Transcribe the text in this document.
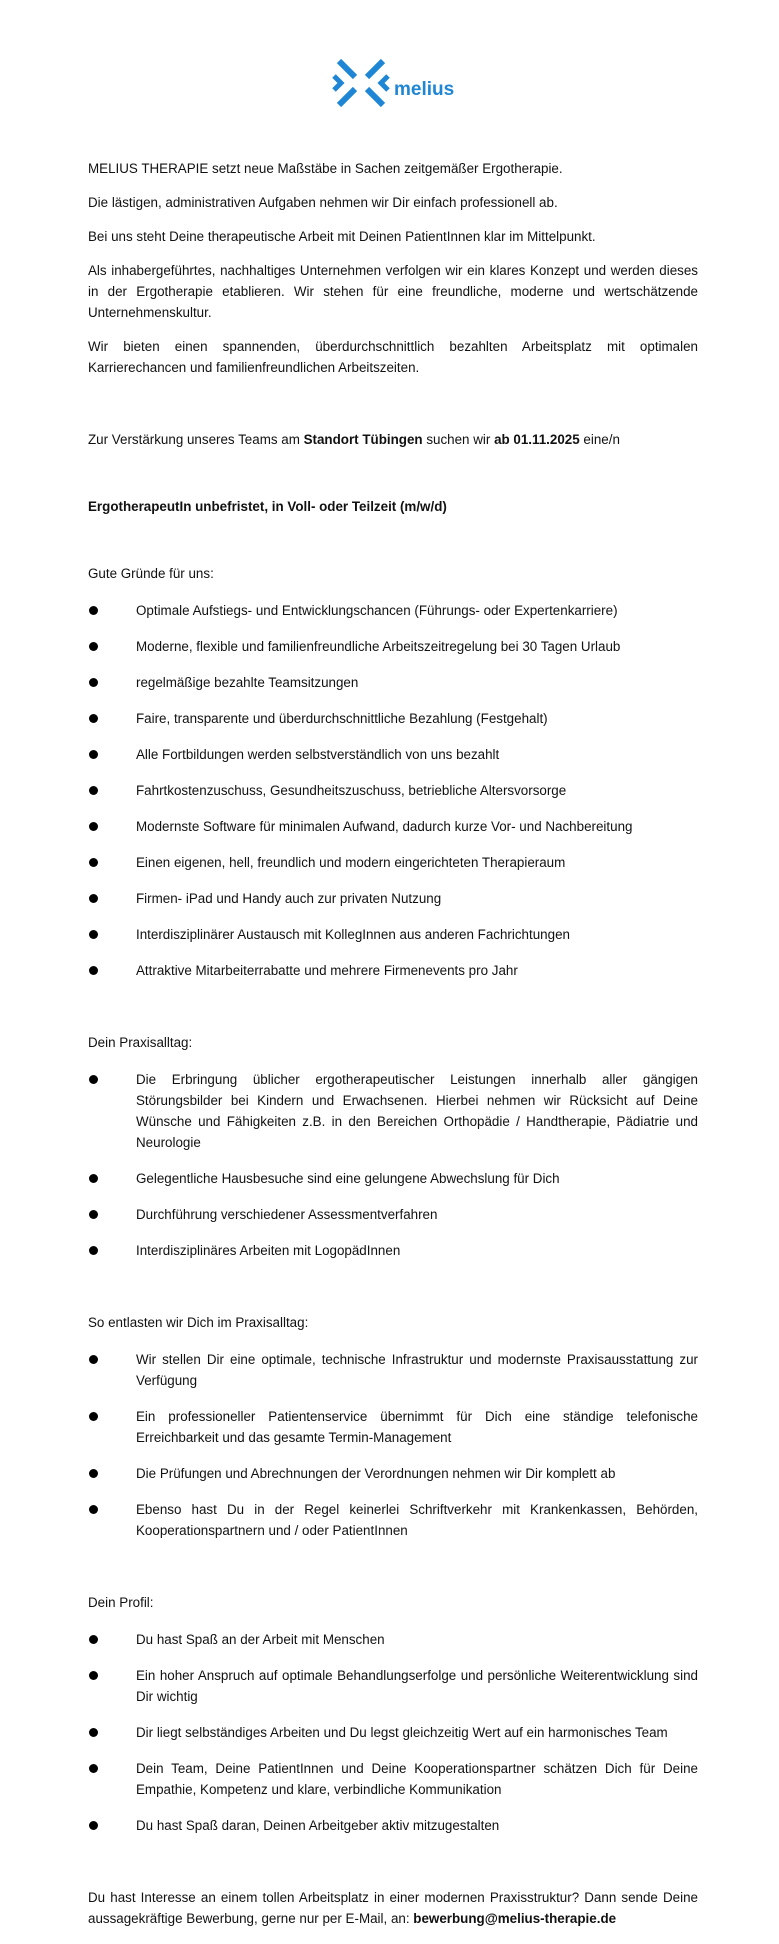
melius

MELIUS THERAPIE setzt neue Maßstäbe in Sachen zeitgemäßer Ergotherapie.

Die lästigen, administrativen Aufgaben nehmen wir Dir einfach professionell ab.

Bei uns steht Deine therapeutische Arbeit mit Deinen PatientInnen klar im Mittelpunkt.

Als inhabergeführtes, nachhaltiges Unternehmen verfolgen wir ein klares Konzept und werden dieses in der Ergotherapie etablieren. Wir stehen für eine freundliche, moderne und wertschätzende Unternehmenskultur.

Wir bieten einen spannenden, überdurchschnittlich bezahlten Arbeitsplatz mit optimalen Karrierechancen und familienfreundlichen Arbeitszeiten.

Zur Verstärkung unseres Teams am Standort Tübingen suchen wir ab 01.11.2025 eine/n

ErgotherapeutIn unbefristet, in Voll- oder Teilzeit (m/w/d)

Gute Gründe für uns:

Optimale Aufstiegs- und Entwicklungschancen (Führungs- oder Expertenkarriere)
Moderne, flexible und familienfreundliche Arbeitszeitregelung bei 30 Tagen Urlaub
regelmäßige bezahlte Teamsitzungen
Faire, transparente und überdurchschnittliche Bezahlung (Festgehalt)
Alle Fortbildungen werden selbstverständlich von uns bezahlt
Fahrtkostenzuschuss, Gesundheitszuschuss, betriebliche Altersvorsorge
Modernste Software für minimalen Aufwand, dadurch kurze Vor- und Nachbereitung
Einen eigenen, hell, freundlich und modern eingerichteten Therapieraum
Firmen- iPad und Handy auch zur privaten Nutzung
Interdisziplinärer Austausch mit KollegInnen aus anderen Fachrichtungen
Attraktive Mitarbeiterrabatte und mehrere Firmenevents pro Jahr

Dein Praxisalltag:

Die Erbringung üblicher ergotherapeutischer Leistungen innerhalb aller gängigen Störungsbilder bei Kindern und Erwachsenen. Hierbei nehmen wir Rücksicht auf Deine Wünsche und Fähigkeiten z.B. in den Bereichen Orthopädie / Handtherapie, Pädiatrie und Neurologie
Gelegentliche Hausbesuche sind eine gelungene Abwechslung für Dich
Durchführung verschiedener Assessmentverfahren
Interdisziplinäres Arbeiten mit LogopädInnen

So entlasten wir Dich im Praxisalltag:

Wir stellen Dir eine optimale, technische Infrastruktur und modernste Praxisausstattung zur Verfügung
Ein professioneller Patientenservice übernimmt für Dich eine ständige telefonische Erreichbarkeit und das gesamte Termin-Management
Die Prüfungen und Abrechnungen der Verordnungen nehmen wir Dir komplett ab
Ebenso hast Du in der Regel keinerlei Schriftverkehr mit Krankenkassen, Behörden, Kooperationspartnern und / oder PatientInnen

Dein Profil:

Du hast Spaß an der Arbeit mit Menschen
Ein hoher Anspruch auf optimale Behandlungserfolge und persönliche Weiterentwicklung sind Dir wichtig
Dir liegt selbständiges Arbeiten und Du legst gleichzeitig Wert auf ein harmonisches Team
Dein Team, Deine PatientInnen und Deine Kooperationspartner schätzen Dich für Deine Empathie, Kompetenz und klare, verbindliche Kommunikation
Du hast Spaß daran, Deinen Arbeitgeber aktiv mitzugestalten

Du hast Interesse an einem tollen Arbeitsplatz in einer modernen Praxisstruktur? Dann sende Deine aussagekräftige Bewerbung, gerne nur per E-Mail, an: bewerbung@melius-therapie.de
